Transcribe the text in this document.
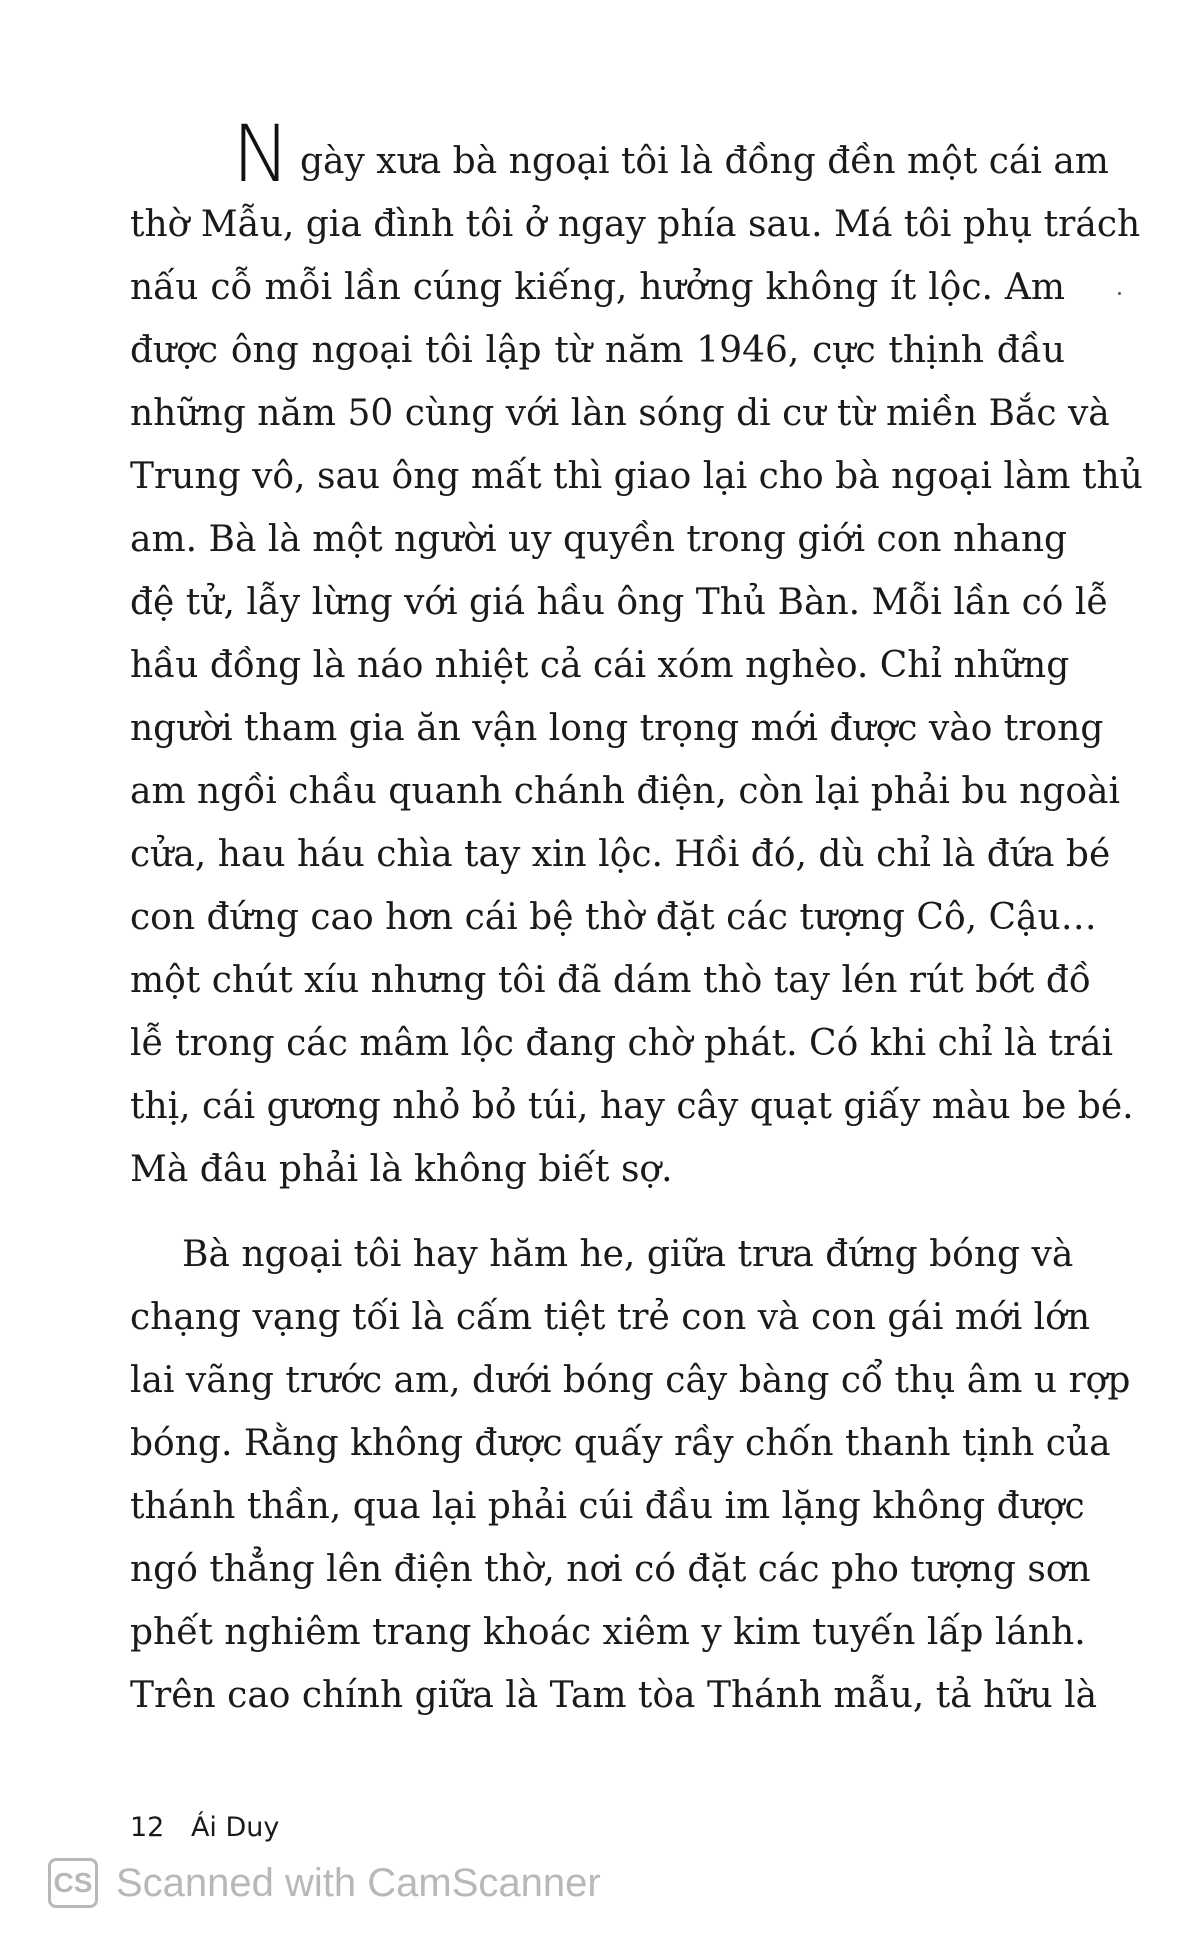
N gày xưa bà ngoại tôi là đồng đền một cái am
thờ Mẫu, gia đình tôi ở ngay phía sau. Má tôi phụ trách
nấu cỗ mỗi lần cúng kiếng, hưởng không ít lộc. Am
được ông ngoại tôi lập từ năm 1946, cực thịnh đầu
những năm 50 cùng với làn sóng di cư từ miền Bắc và
Trung vô, sau ông mất thì giao lại cho bà ngoại làm thủ
am. Bà là một người uy quyền trong giới con nhang
đệ tử, lẫy lừng với giá hầu ông Thủ Bàn. Mỗi lần có lễ
hầu đồng là náo nhiệt cả cái xóm nghèo. Chỉ những
người tham gia ăn vận long trọng mới được vào trong
am ngồi chầu quanh chánh điện, còn lại phải bu ngoài
cửa, hau háu chìa tay xin lộc. Hồi đó, dù chỉ là đứa bé
con đứng cao hơn cái bệ thờ đặt các tượng Cô, Cậu…
một chút xíu nhưng tôi đã dám thò tay lén rút bớt đồ
lễ trong các mâm lộc đang chờ phát. Có khi chỉ là trái
thị, cái gương nhỏ bỏ túi, hay cây quạt giấy màu be bé.
Mà đâu phải là không biết sợ.
Bà ngoại tôi hay hăm he, giữa trưa đứng bóng và
chạng vạng tối là cấm tiệt trẻ con và con gái mới lớn
lai vãng trước am, dưới bóng cây bàng cổ thụ âm u rợp
bóng. Rằng không được quấy rầy chốn thanh tịnh của
thánh thần, qua lại phải cúi đầu im lặng không được
ngó thẳng lên điện thờ, nơi có đặt các pho tượng sơn
phết nghiêm trang khoác xiêm y kim tuyến lấp lánh.
Trên cao chính giữa là Tam tòa Thánh mẫu, tả hữu là
12 Ái Duy
CS Scanned with CamScanner
